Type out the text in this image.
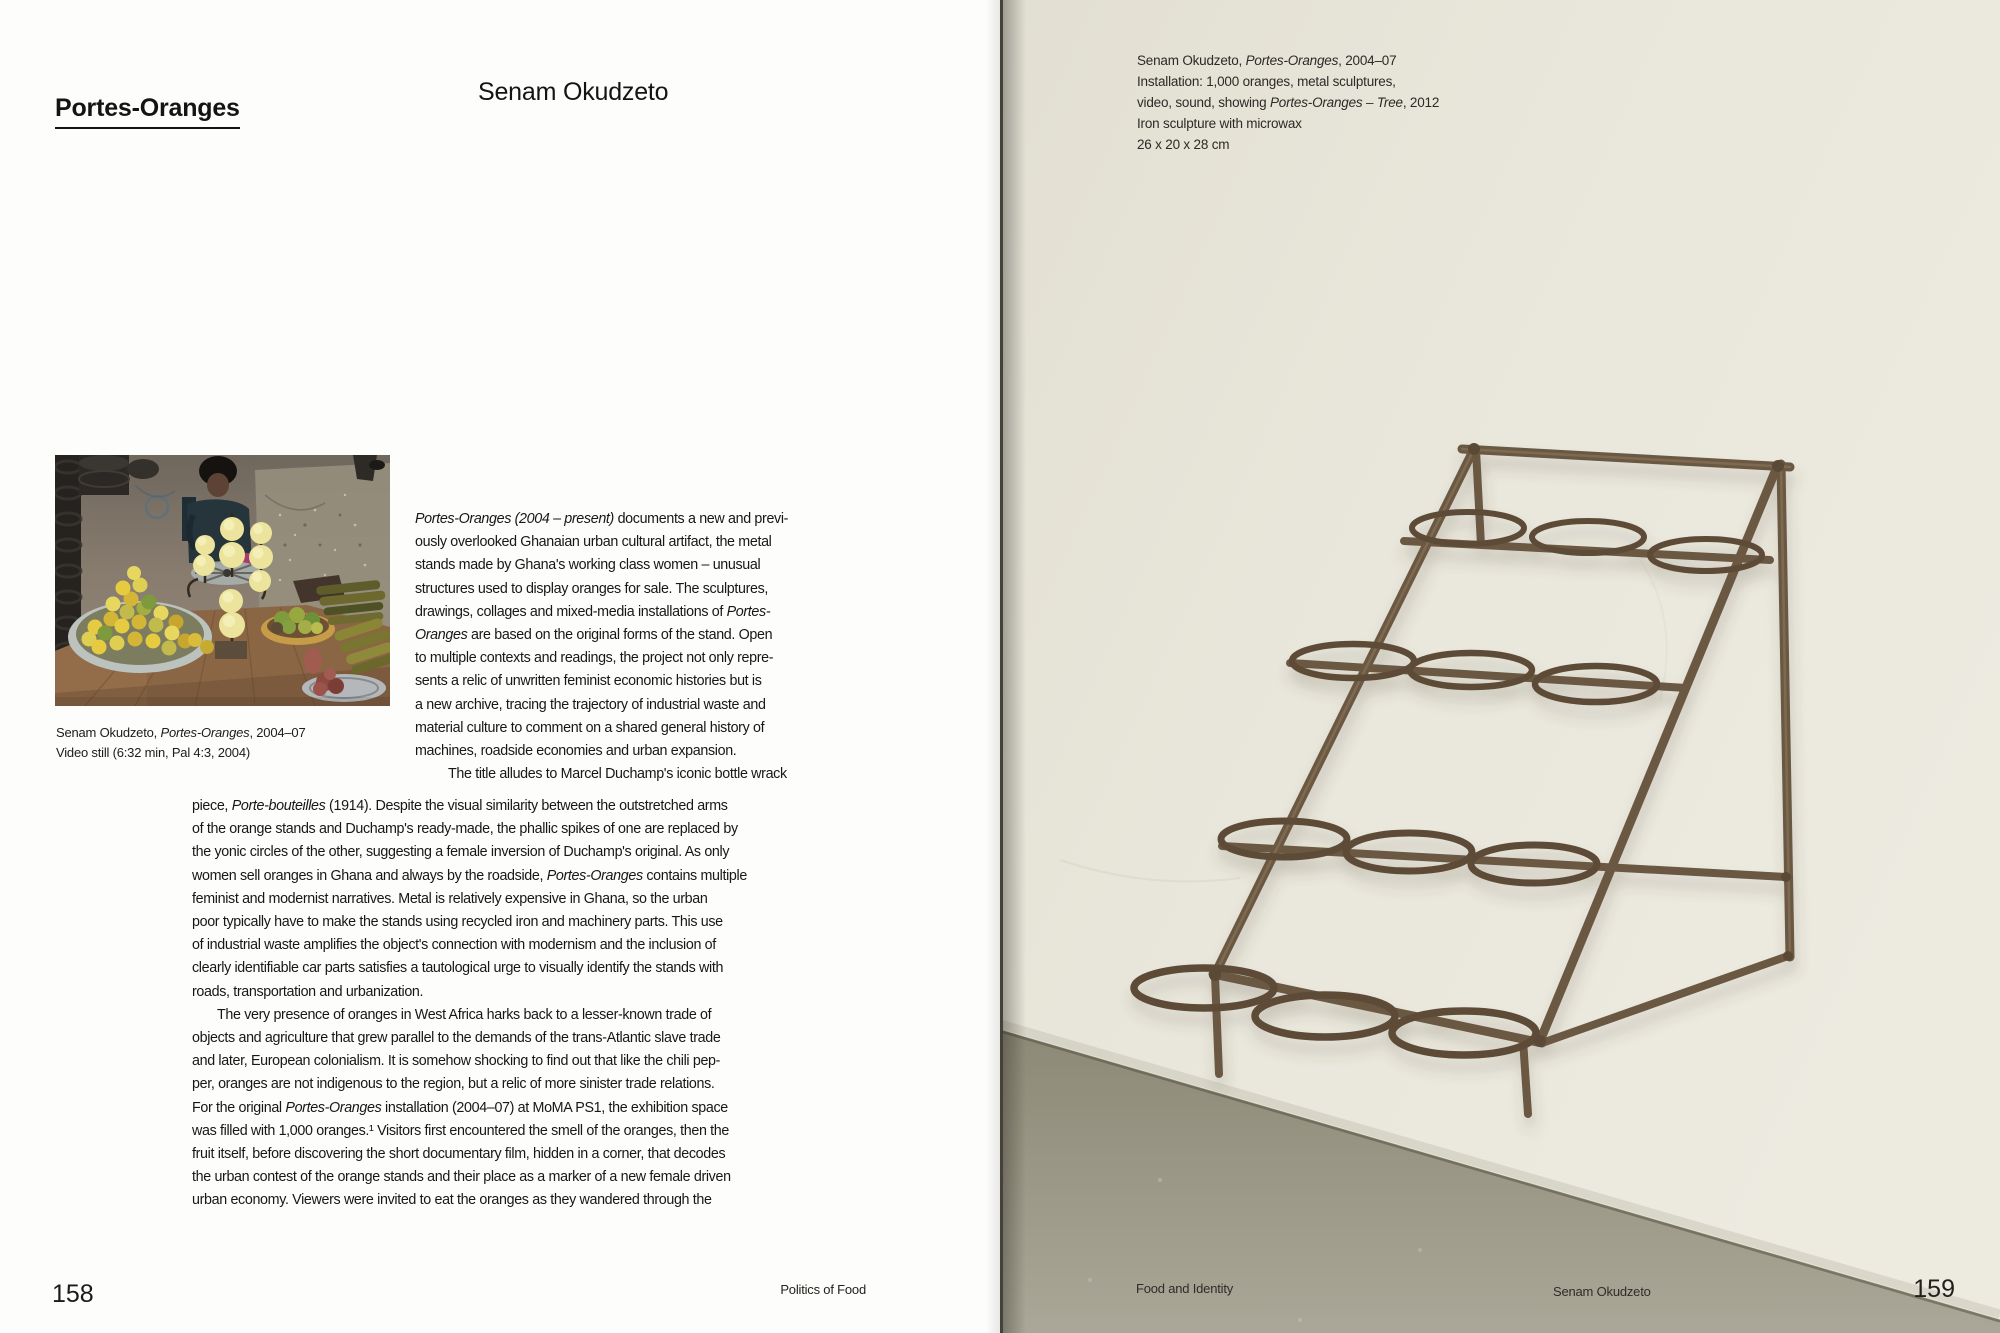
Portes-Oranges
Senam Okudzeto
Senam Okudzeto, Portes-Oranges, 2004–07
Video still (6:32 min, Pal 4:3, 2004)
Portes-Oranges (2004 – present) documents a new and previ-
ously overlooked Ghanaian urban cultural artifact, the metal
stands made by Ghana's working class women – unusual
structures used to display oranges for sale. The sculptures,
drawings, collages and mixed-media installations of Portes-
Oranges are based on the original forms of the stand. Open
to multiple contexts and readings, the project not only repre-
sents a relic of unwritten feminist economic histories but is
a new archive, tracing the trajectory of industrial waste and
material culture to comment on a shared general history of
machines, roadside economies and urban expansion.
The title alludes to Marcel Duchamp's iconic bottle wrack
piece, Porte-bouteilles (1914). Despite the visual similarity between the outstretched arms
of the orange stands and Duchamp's ready-made, the phallic spikes of one are replaced by
the yonic circles of the other, suggesting a female inversion of Duchamp's original. As only
women sell oranges in Ghana and always by the roadside, Portes-Oranges contains multiple
feminist and modernist narratives. Metal is relatively expensive in Ghana, so the urban
poor typically have to make the stands using recycled iron and machinery parts. This use
of industrial waste amplifies the object's connection with modernism and the inclusion of
clearly identifiable car parts satisfies a tautological urge to visually identify the stands with
roads, transportation and urbanization.
The very presence of oranges in West Africa harks back to a lesser-known trade of
objects and agriculture that grew parallel to the demands of the trans-Atlantic slave trade
and later, European colonialism. It is somehow shocking to find out that like the chili pep-
per, oranges are not indigenous to the region, but a relic of more sinister trade relations.
For the original Portes-Oranges installation (2004–07) at MoMA PS1, the exhibition space
was filled with 1,000 oranges.¹ Visitors first encountered the smell of the oranges, then the
fruit itself, before discovering the short documentary film, hidden in a corner, that decodes
the urban contest of the orange stands and their place as a marker of a new female driven
urban economy. Viewers were invited to eat the oranges as they wandered through the
158	Politics of Food
Senam Okudzeto, Portes-Oranges, 2004–07
Installation: 1,000 oranges, metal sculptures,
video, sound, showing Portes-Oranges – Tree, 2012
Iron sculpture with microwax
26 x 20 x 28 cm
Food and Identity	Senam Okudzeto	159
